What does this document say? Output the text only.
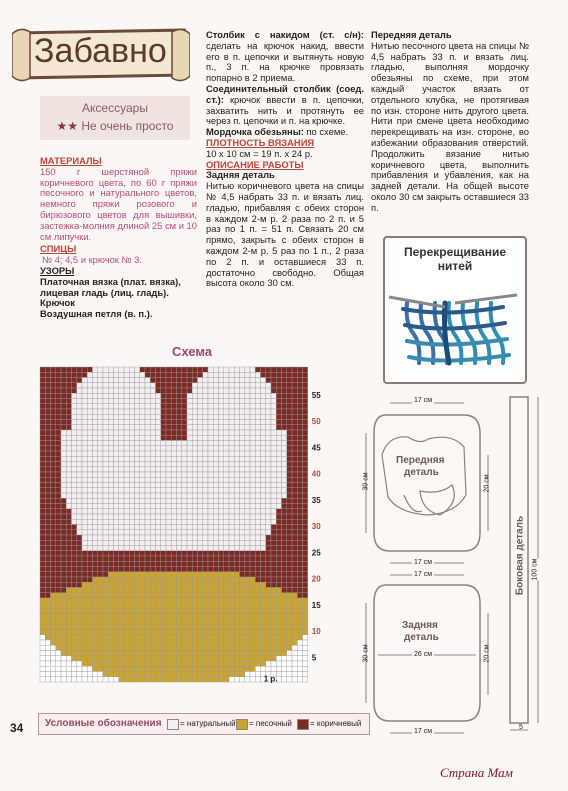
Забавно
Аксессуары
★★ Не очень просто

МАТЕРИАЛЫ

150 г шерстяной пряжи коричневого цвета, по 60 г пряжи песочного и натурального цветов, немного пряжи розового и бирюзового цветов для вышивки, застежка-молния длиной 25 см и 10 см липучки.

СПИЦЫ

№ 4; 4,5 и крючок № 3.

УЗОРЫ

Платочная вязка (плат. вязка), лицевая гладь (лиц. гладь).

Крючок

Воздушная петля (в. п.).

Столбик с накидом (ст. с/н): сделать на крючок накид, ввести его в п. цепочки и вытянуть новую п., 3 п. на крючке провязать попарно в 2 приема.

Соединительный столбик (соед. ст.): крючок ввести в п. цепочки, захватить нить и протянуть ее через п. цепочки и п. на крючке.

Мордочка обезьяны: по схеме.

ПЛОТНОСТЬ ВЯЗАНИЯ

10 х 10 см = 19 п. х 24 р.

ОПИСАНИЕ РАБОТЫ

Задняя деталь

Нитью коричневого цвета на спицы № 4,5 набрать 33 п. и вязать лиц. гладью, прибавляя с обеих сторон в каждом 2-м р. 2 раза по 2 п. и 5 раз по 1 п. = 51 п. Связать 20 см прямо, закрыть с обеих сторон в каждом 2-м р. 5 раз по 1 п., 2 раза по 2 п. и оставшиеся 33 п. достаточно свободно. Общая высота около 30 см.

Передняя деталь

Нитью песочного цвета на спицы № 4,5 набрать 33 п. и вязать лиц. гладью, выполняя мордочку обезьяны по схеме, при этом каждый участок вязать от отдельного клубка, не протягивая по изн. стороне нить другого цвета. Нити при смене цвета необходимо перекрещивать на изн. стороне, во избежании образования отверстий. Продолжить вязание нитью коричневого цвета, выполнить прибавления и убавления, как на задней детали. На общей высоте около 30 см закрыть оставшиеся 33 п.

Перекрещивание
нитей
Схема
55
50
45
40
35
30
25
20
15
10
5
1 р.
17 см
Передняя
деталь
30 см	20 см
17 см
17 см
Задняя
деталь
30 см	26 см	20 см
17 см
Боковая деталь 100 см
5
Условные обозначения = натуральный = песочный = коричневый
34
Страна Мам
